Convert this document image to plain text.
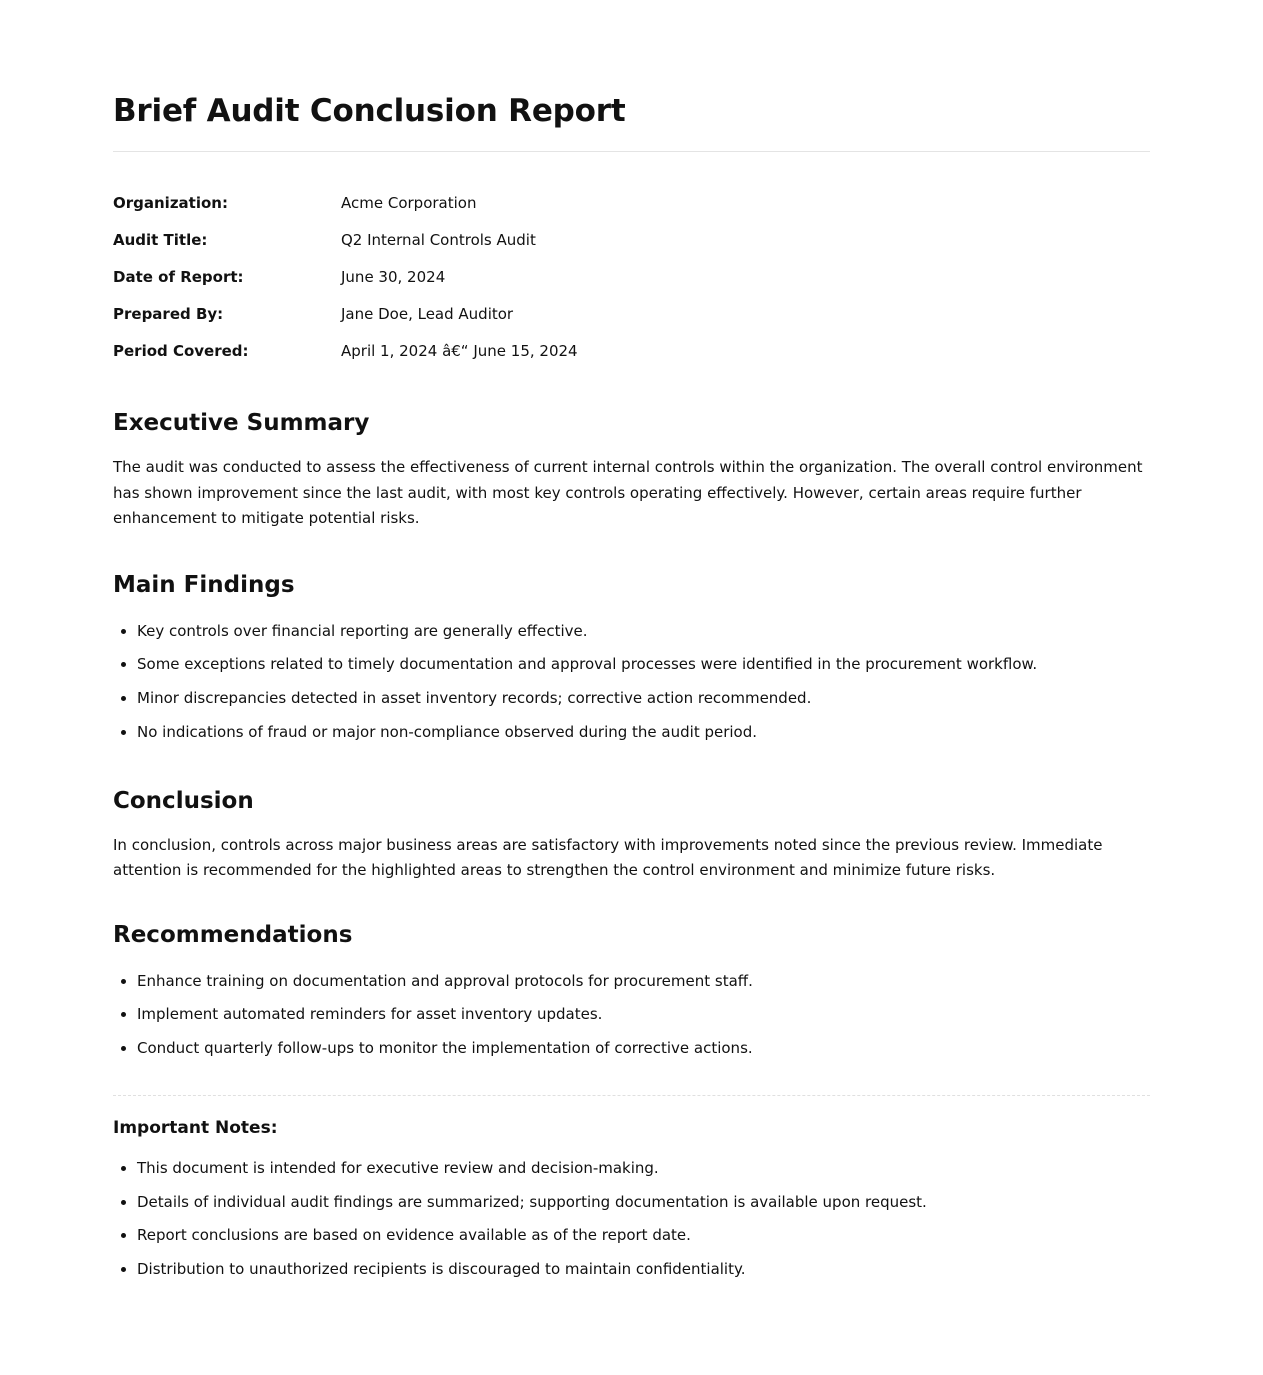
Brief Audit Conclusion Report
Organization:	Acme Corporation
Audit Title:	Q2 Internal Controls Audit
Date of Report:	June 30, 2024
Prepared By:	Jane Doe, Lead Auditor
Period Covered:	April 1, 2024 â€“ June 15, 2024
Executive Summary

The audit was conducted to assess the effectiveness of current internal controls within the organization. The overall control environment has shown improvement since the last audit, with most key controls operating effectively. However, certain areas require further enhancement to mitigate potential risks.

Main Findings
• Key controls over financial reporting are generally effective.
• Some exceptions related to timely documentation and approval processes were identified in the procurement workflow.
• Minor discrepancies detected in asset inventory records; corrective action recommended.
• No indications of fraud or major non-compliance observed during the audit period.
Conclusion

In conclusion, controls across major business areas are satisfactory with improvements noted since the previous review. Immediate attention is recommended for the highlighted areas to strengthen the control environment and minimize future risks.

Recommendations
• Enhance training on documentation and approval protocols for procurement staff.
• Implement automated reminders for asset inventory updates.
• Conduct quarterly follow-ups to monitor the implementation of corrective actions.
Important Notes:
• This document is intended for executive review and decision-making.
• Details of individual audit findings are summarized; supporting documentation is available upon request.
• Report conclusions are based on evidence available as of the report date.
• Distribution to unauthorized recipients is discouraged to maintain confidentiality.
